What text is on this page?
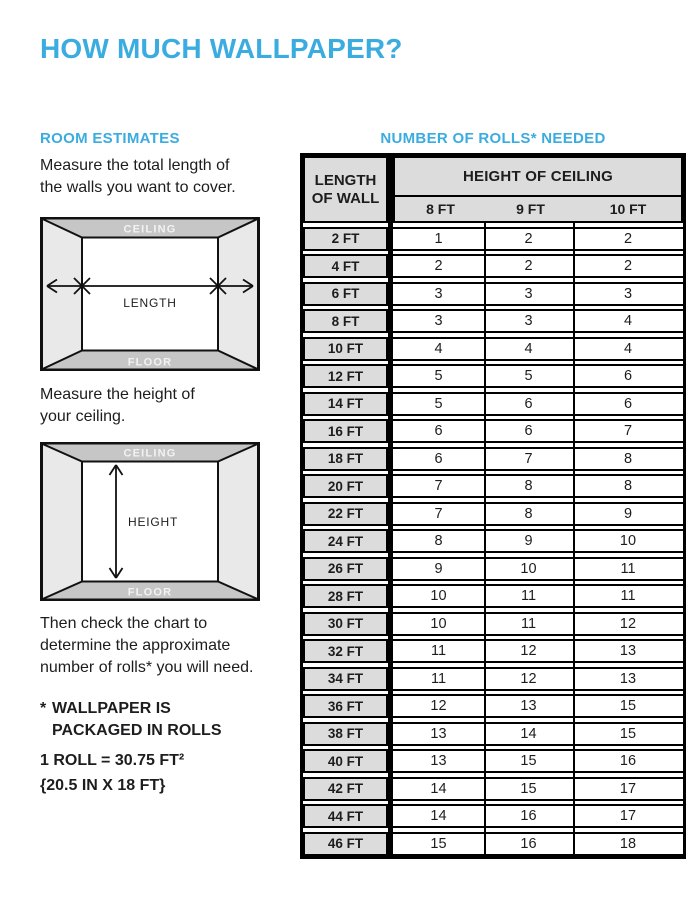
HOW MUCH WALLPAPER?
ROOM ESTIMATES	NUMBER OF ROLLS* NEEDED
Measure the total length of
the walls you want to cover.
CEILING
FLOOR
LENGTH
Measure the height of
your ceiling.
CEILING
FLOOR
HEIGHT
Then check the chart to
determine the approximate
number of rolls* you will need.
* WALLPAPER IS
PACKAGED IN ROLLS
1 ROLL = 30.75 FT²
{20.5 IN X 18 FT}
LENGTH
OF WALL
HEIGHT OF CEILING
8 FT	9 FT	10 FT
2 FT	1	2	2
4 FT	2	2	2
6 FT	3	3	3
8 FT	3	3	4
10 FT	4	4	4
12 FT	5	5	6
14 FT	5	6	6
16 FT	6	6	7
18 FT	6	7	8
20 FT	7	8	8
22 FT	7	8	9
24 FT	8	9	10
26 FT	9	10	11
28 FT	10	11	11
30 FT	10	11	12
32 FT	11	12	13
34 FT	11	12	13
36 FT	12	13	15
38 FT	13	14	15
40 FT	13	15	16
42 FT	14	15	17
44 FT	14	16	17
46 FT	15	16	18
